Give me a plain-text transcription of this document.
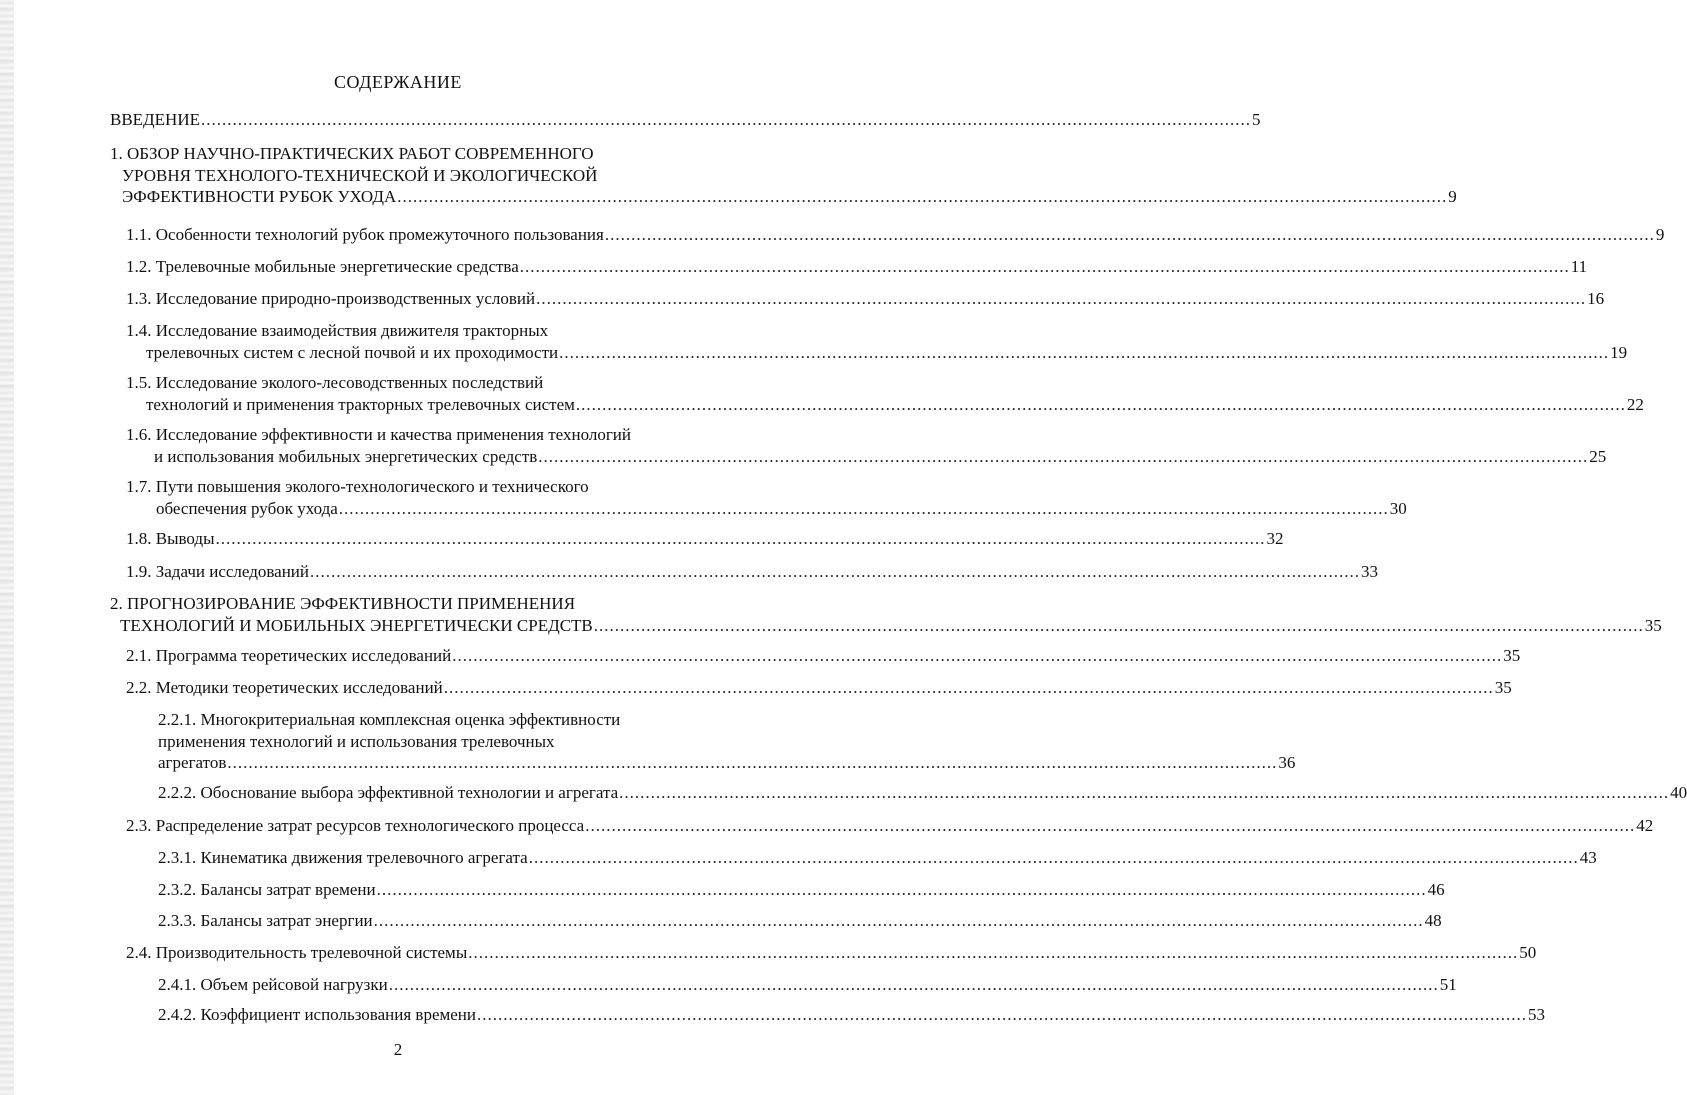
СОДЕРЖАНИЕ
ВВЕДЕНИЕ ........................................................................................................................................................................................................ 5
1. ОБЗОР НАУЧНО-ПРАКТИЧЕСКИХ РАБОТ СОВРЕМЕННОГО
УРОВНЯ ТЕХНОЛОГО-ТЕХНИЧЕСКОЙ И ЭКОЛОГИЧЕСКОЙ
ЭФФЕКТИВНОСТИ РУБОК УХОДА ........................................................................................................................................................................................................ 9
1.1. Особенности технологий рубок промежуточного пользования ........................................................................................................................................................................................................ 9
1.2. Трелевочные мобильные энергетические средства ........................................................................................................................................................................................................ 11
1.3. Исследование природно-производственных условий ........................................................................................................................................................................................................ 16
1.4. Исследование взаимодействия движителя тракторных
трелевочных систем с лесной почвой и их проходимости ........................................................................................................................................................................................................ 19
1.5. Исследование эколого-лесоводственных последствий
технологий и применения тракторных трелевочных систем ........................................................................................................................................................................................................ 22
1.6. Исследование эффективности и качества применения технологий
и использования мобильных энергетических средств ........................................................................................................................................................................................................ 25
1.7. Пути повышения эколого-технологического и технического
обеспечения рубок ухода ........................................................................................................................................................................................................ 30
1.8. Выводы ........................................................................................................................................................................................................ 32
1.9. Задачи исследований ........................................................................................................................................................................................................ 33
2. ПРОГНОЗИРОВАНИЕ ЭФФЕКТИВНОСТИ ПРИМЕНЕНИЯ
ТЕХНОЛОГИЙ И МОБИЛЬНЫХ ЭНЕРГЕТИЧЕСКИ СРЕДСТВ ........................................................................................................................................................................................................ 35
2.1. Программа теоретических исследований ........................................................................................................................................................................................................ 35
2.2. Методики теоретических исследований ........................................................................................................................................................................................................ 35
2.2.1. Многокритериальная комплексная оценка эффективности
применения технологий и использования трелевочных
агрегатов ........................................................................................................................................................................................................ 36
2.2.2. Обоснование выбора эффективной технологии и агрегата ........................................................................................................................................................................................................ 40
2.3. Распределение затрат ресурсов технологического процесса ........................................................................................................................................................................................................ 42
2.3.1. Кинематика движения трелевочного агрегата ........................................................................................................................................................................................................ 43
2.3.2. Балансы затрат времени ........................................................................................................................................................................................................ 46
2.3.3. Балансы затрат энергии ........................................................................................................................................................................................................ 48
2.4. Производительность трелевочной системы ........................................................................................................................................................................................................ 50
2.4.1. Объем рейсовой нагрузки ........................................................................................................................................................................................................ 51
2.4.2. Коэффициент использования времени ........................................................................................................................................................................................................ 53
2
